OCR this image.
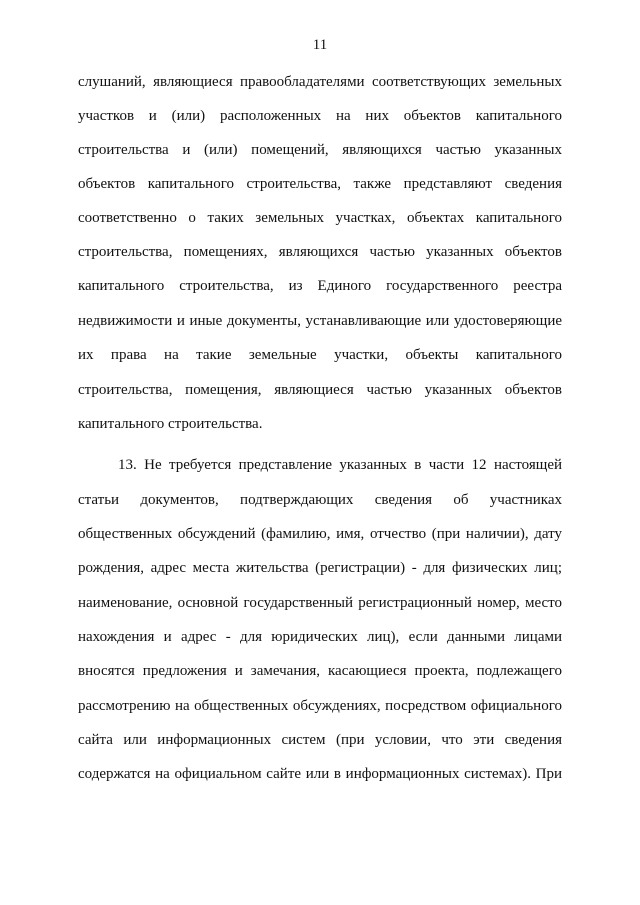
11
слушаний, являющиеся правообладателями соответствующих земельных
участков и (или) расположенных на них объектов капитального
строительства и (или) помещений, являющихся частью указанных
объектов капитального строительства, также представляют сведения
соответственно о таких земельных участках, объектах капитального
строительства, помещениях, являющихся частью указанных объектов
капитального строительства, из Единого государственного реестра
недвижимости и иные документы, устанавливающие или удостоверяющие
их права на такие земельные участки, объекты капитального
строительства, помещения, являющиеся частью указанных объектов
капитального строительства.
13. Не требуется представление указанных в части 12 настоящей
статьи документов, подтверждающих сведения об участниках
общественных обсуждений (фамилию, имя, отчество (при наличии), дату
рождения, адрес места жительства (регистрации) - для физических лиц;
наименование, основной государственный регистрационный номер, место
нахождения и адрес - для юридических лиц), если данными лицами
вносятся предложения и замечания, касающиеся проекта, подлежащего
рассмотрению на общественных обсуждениях, посредством официального
сайта или информационных систем (при условии, что эти сведения
содержатся на официальном сайте или в информационных системах). При
